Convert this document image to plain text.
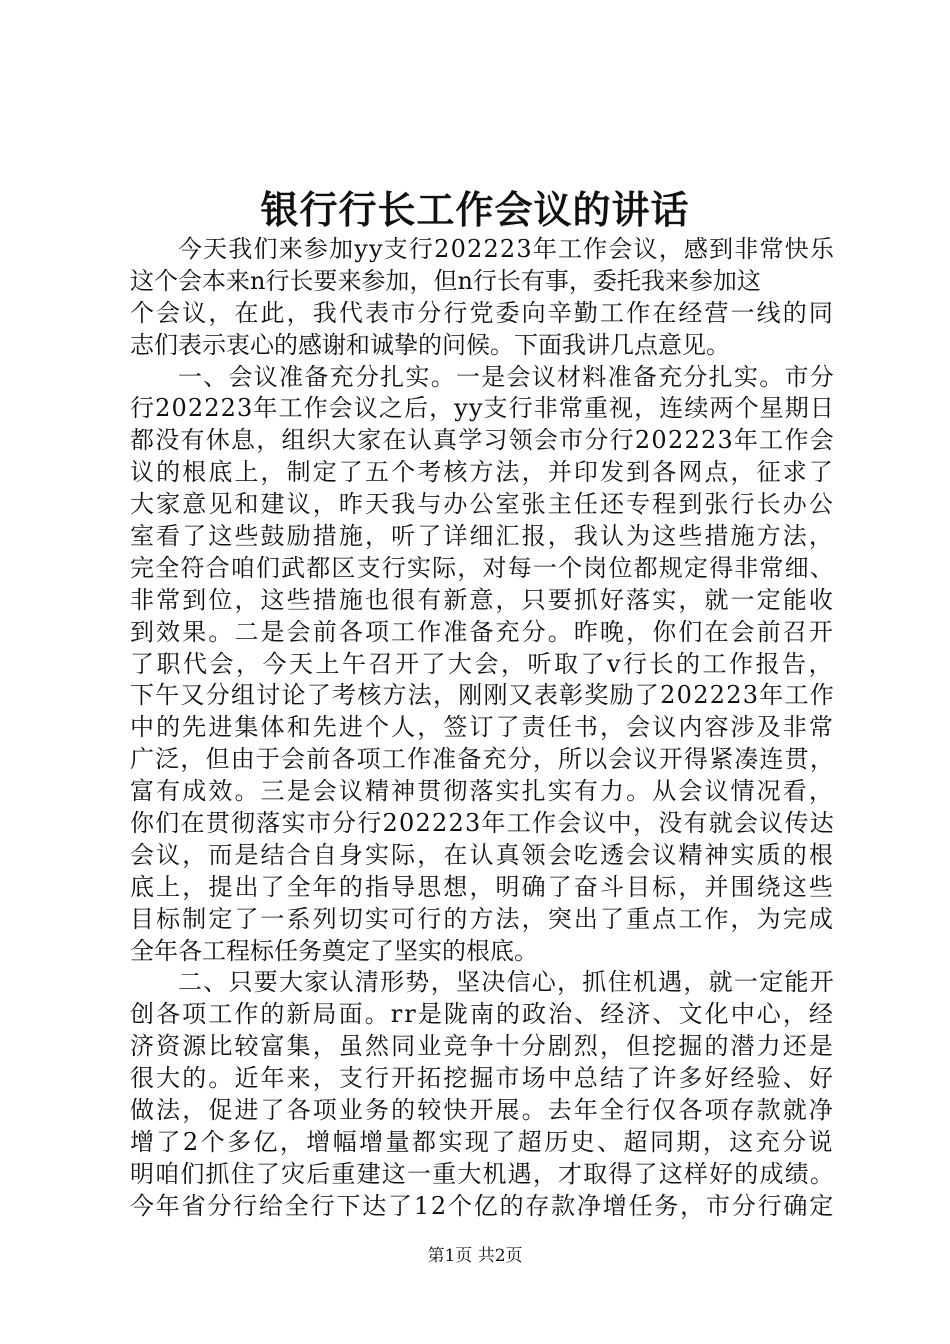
银行行长工作会议的讲话
今天我们来参加yy支行202223年工作会议，感到非常快乐
这个会本来n行长要来参加，但n行长有事，委托我来参加这
个会议，在此，我代表市分行党委向辛勤工作在经营一线的同
志们表示衷心的感谢和诚挚的问候。下面我讲几点意见。
一、会议准备充分扎实。一是会议材料准备充分扎实。市分
行202223年工作会议之后，yy支行非常重视，连续两个星期日
都没有休息，组织大家在认真学习领会市分行202223年工作会
议的根底上，制定了五个考核方法，并印发到各网点，征求了
大家意见和建议，昨天我与办公室张主任还专程到张行长办公
室看了这些鼓励措施，听了详细汇报，我认为这些措施方法，
完全符合咱们武都区支行实际，对每一个岗位都规定得非常细、
非常到位，这些措施也很有新意，只要抓好落实，就一定能收
到效果。二是会前各项工作准备充分。昨晚，你们在会前召开
了职代会，今天上午召开了大会，听取了v行长的工作报告，
下午又分组讨论了考核方法，刚刚又表彰奖励了202223年工作
中的先进集体和先进个人，签订了责任书，会议内容涉及非常
广泛，但由于会前各项工作准备充分，所以会议开得紧凑连贯，
富有成效。三是会议精神贯彻落实扎实有力。从会议情况看，
你们在贯彻落实市分行202223年工作会议中，没有就会议传达
会议，而是结合自身实际，在认真领会吃透会议精神实质的根
底上，提出了全年的指导思想，明确了奋斗目标，并围绕这些
目标制定了一系列切实可行的方法，突出了重点工作，为完成
全年各工程标任务奠定了坚实的根底。
二、只要大家认清形势，坚决信心，抓住机遇，就一定能开
创各项工作的新局面。rr是陇南的政治、经济、文化中心，经
济资源比较富集，虽然同业竞争十分剧烈，但挖掘的潜力还是
很大的。近年来，支行开拓挖掘市场中总结了许多好经验、好
做法，促进了各项业务的较快开展。去年全行仅各项存款就净
增了2个多亿，增幅增量都实现了超历史、超同期，这充分说
明咱们抓住了灾后重建这一重大机遇，才取得了这样好的成绩。
今年省分行给全行下达了12个亿的存款净增任务，市分行确定
第1页 共2页
